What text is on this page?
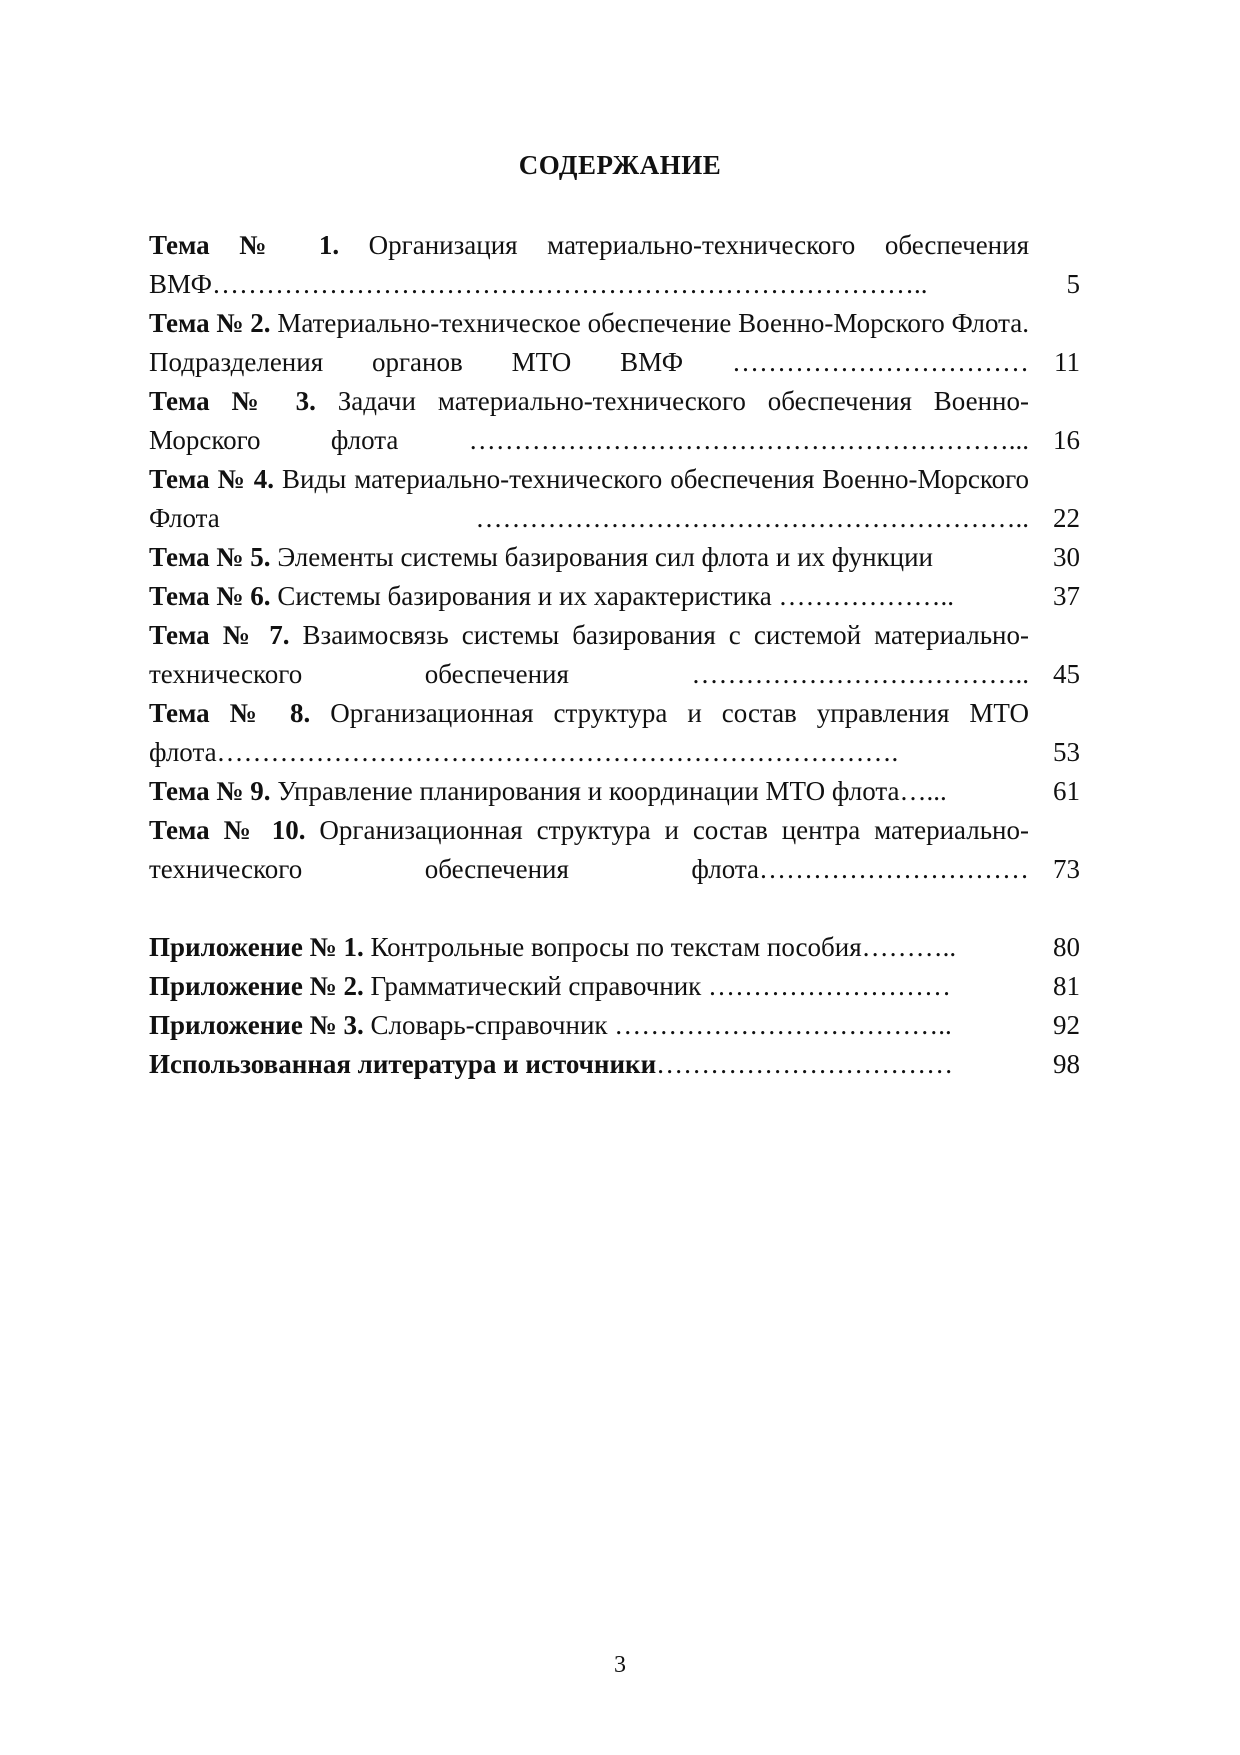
СОДЕРЖАНИЕ
Тема № 1. Организация материально-технического обеспечения ВМФ……………………………………………………………………..	5
Тема № 2. Материально-техническое обеспечение Военно-Морского Флота. Подразделения органов МТО ВМФ …………………………… 11
Тема № 3. Задачи материально-технического обеспечения Военно-Морского флота ……………………………………………………... 16
Тема № 4. Виды материально-технического обеспечения Военно-Морского Флота …………………………………………………….. 22
Тема № 5. Элементы системы базирования сил флота и их функции	30
Тема № 6. Системы базирования и их характеристика ………………..	37
Тема № 7. Взаимосвязь системы базирования с системой материально-технического обеспечения ……………………………….. 45
Тема № 8. Организационная структура и состав управления МТО флота………………………………………………………………….	53
Тема № 9. Управление планирования и координации МТО флота…...	61
Тема № 10. Организационная структура и состав центра материально-технического обеспечения флота………………………… 73
Приложение № 1. Контрольные вопросы по текстам пособия………..	80
Приложение № 2. Грамматический справочник ………………………	81
Приложение № 3. Словарь-справочник ………………………………..	92
Использованная литература и источники……………………………	98
3
